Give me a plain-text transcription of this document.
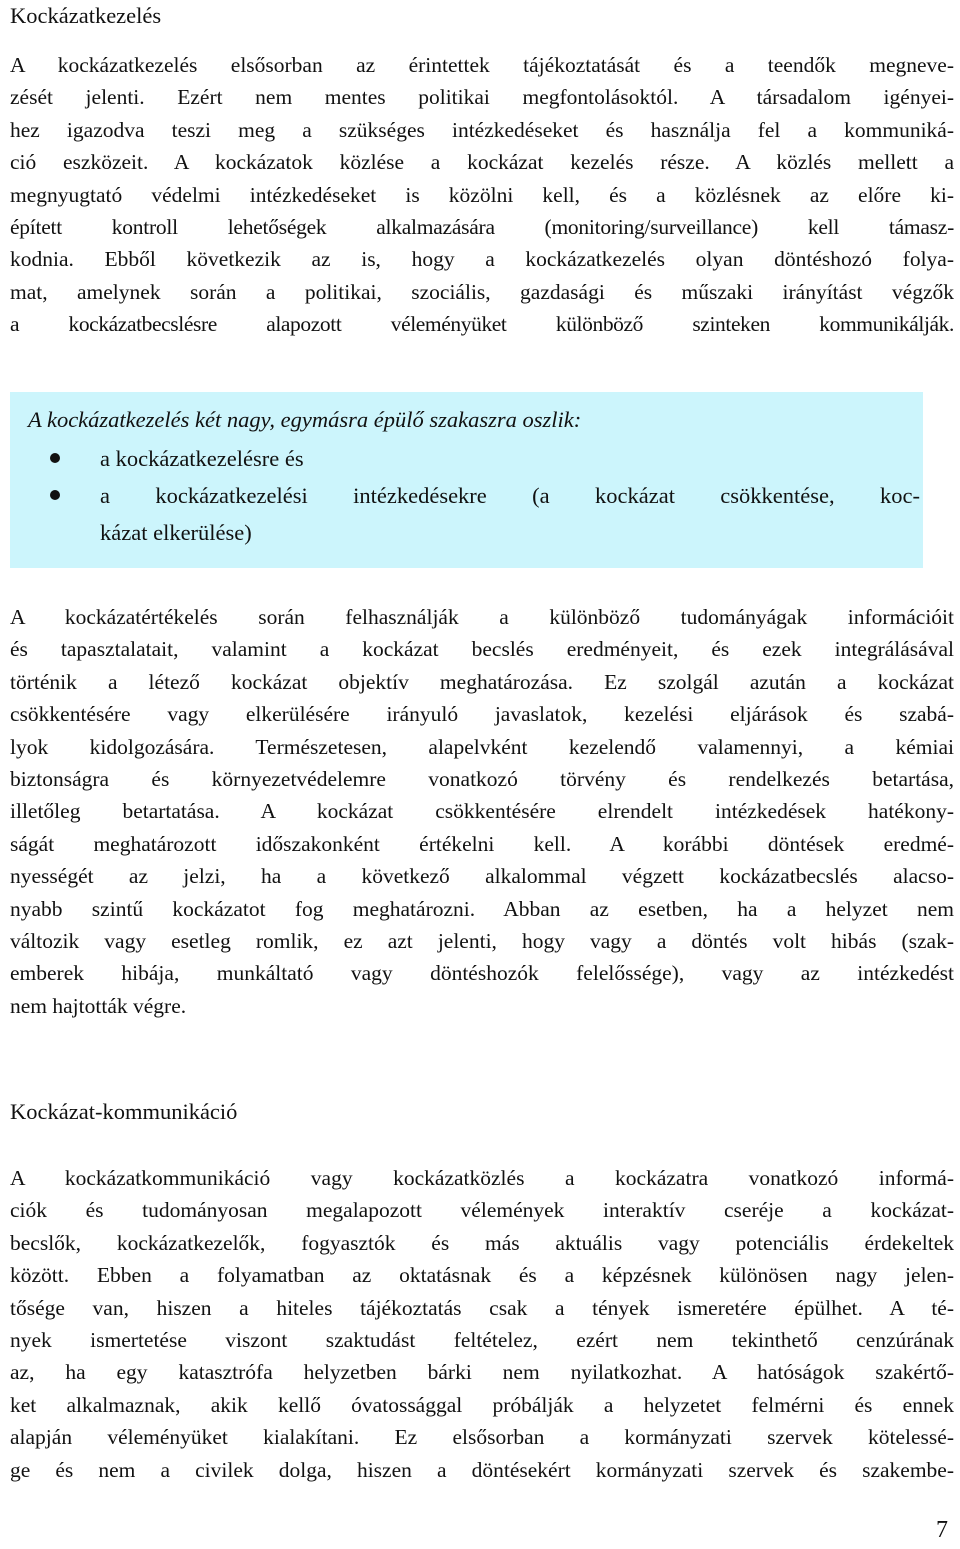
Kockázatkezelés
A kockázatkezelés elsősorban az érintettek tájékoztatását és a teendők megneve-
zését jelenti. Ezért nem mentes politikai megfontolásoktól. A társadalom igényei-
hez igazodva teszi meg a szükséges intézkedéseket és használja fel a kommuniká-
ció eszközeit. A kockázatok közlése a kockázat kezelés része. A közlés mellett a
megnyugtató védelmi intézkedéseket is közölni kell, és a közlésnek az előre ki-
épített kontroll lehetőségek alkalmazására (monitoring/surveillance) kell támasz-
kodnia. Ebből következik az is, hogy a kockázatkezelés olyan döntéshozó folya-
mat, amelynek során a politikai, szociális, gazdasági és műszaki irányítást végzők
a kockázatbecslésre alapozott véleményüket különböző szinteken kommunikálják.
A kockázatkezelés két nagy, egymásra épülő szakaszra oszlik:
a kockázatkezelésre és
a kockázatkezelési intézkedésekre (a kockázat csökkentése, koc-
kázat elkerülése)
A kockázatértékelés során felhasználják a különböző tudományágak információit
és tapasztalatait, valamint a kockázat becslés eredményeit, és ezek integrálásával
történik a létező kockázat objektív meghatározása. Ez szolgál azután a kockázat
csökkentésére vagy elkerülésére irányuló javaslatok, kezelési eljárások és szabá-
lyok kidolgozására. Természetesen, alapelvként kezelendő valamennyi, a kémiai
biztonságra és környezetvédelemre vonatkozó törvény és rendelkezés betartása,
illetőleg betartatása. A kockázat csökkentésére elrendelt intézkedések hatékony-
ságát meghatározott időszakonként értékelni kell. A korábbi döntések eredmé-
nyességét az jelzi, ha a következő alkalommal végzett kockázatbecslés alacso-
nyabb szintű kockázatot fog meghatározni. Abban az esetben, ha a helyzet nem
változik vagy esetleg romlik, ez azt jelenti, hogy vagy a döntés volt hibás (szak-
emberek hibája, munkáltató vagy döntéshozók felelőssége), vagy az intézkedést
nem hajtották végre.
Kockázat-kommunikáció
A kockázatkommunikáció vagy kockázatközlés a kockázatra vonatkozó informá-
ciók és tudományosan megalapozott vélemények interaktív cseréje a kockázat-
becslők, kockázatkezelők, fogyasztók és más aktuális vagy potenciális érdekeltek
között. Ebben a folyamatban az oktatásnak és a képzésnek különösen nagy jelen-
tősége van, hiszen a hiteles tájékoztatás csak a tények ismeretére épülhet. A té-
nyek ismertetése viszont szaktudást feltételez, ezért nem tekinthető cenzúrának
az, ha egy katasztrófa helyzetben bárki nem nyilatkozhat. A hatóságok szakértő-
ket alkalmaznak, akik kellő óvatossággal próbálják a helyzetet felmérni és ennek
alapján véleményüket kialakítani. Ez elsősorban a kormányzati szervek kötelessé-
ge és nem a civilek dolga, hiszen a döntésekért kormányzati szervek és szakembe-
7
